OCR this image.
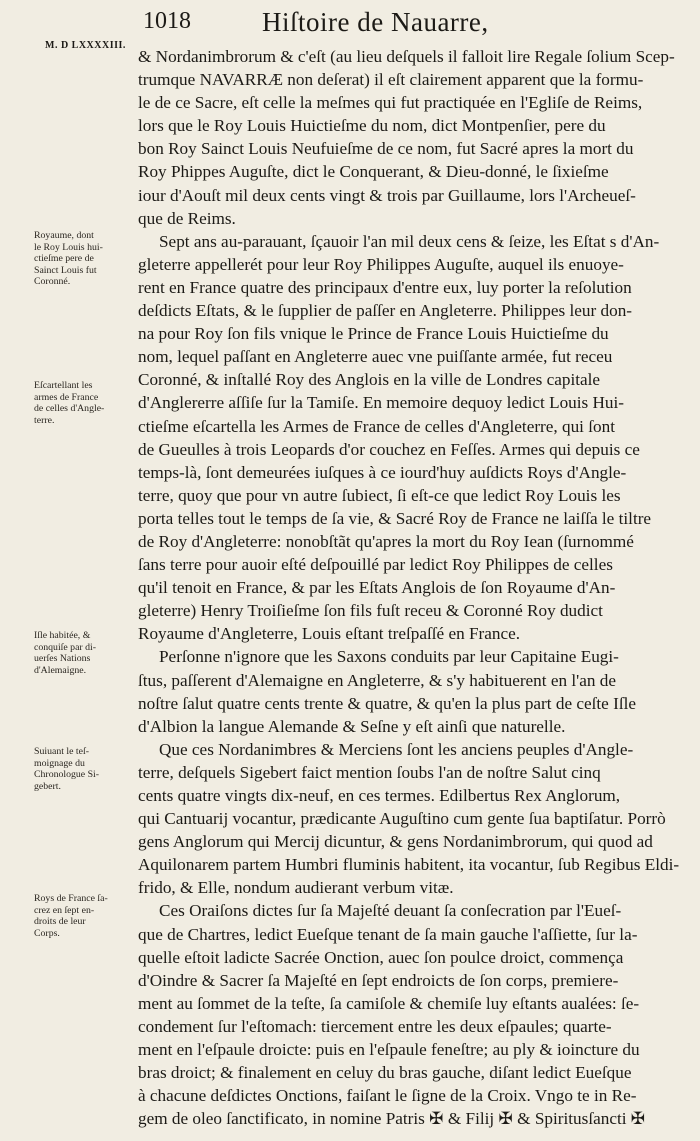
M. D LXXXXIII.
1018	Hiſtoire de Nauarre,
& Nordanimbrorum & c'eſt (au lieu deſquels il falloit lire Regale ſolium Scep-
trumque NAVARRÆ non deſerat) il eſt clairement apparent que la formu-
le de ce Sacre, eſt celle la meſmes qui fut practiquée en l'Egliſe de Reims,
lors que le Roy Louis Huictieſme du nom, dict Montpenſier, pere du
bon Roy Sainct Louis Neufuieſme de ce nom, fut Sacré apres la mort du
Roy Phippes Auguſte, dict le Conquerant, & Dieu-donné, le ſixieſme
iour d'Aouſt mil deux cents vingt & trois par Guillaume, lors l'Archeueſ-
que de Reims.
Sept ans au-parauant, ſçauoir l'an mil deux cens & ſeize, les Eſtat s d'An-
gleterre appellerét pour leur Roy Philippes Auguſte, auquel ils enuoye-
rent en France quatre des principaux d'entre eux, luy porter la reſolution
deſdicts Eſtats, & le ſupplier de paſſer en Angleterre. Philippes leur don-
na pour Roy ſon fils vnique le Prince de France Louis Huictieſme du
nom, lequel paſſant en Angleterre auec vne puiſſante armée, fut receu
Coronné, & inſtallé Roy des Anglois en la ville de Londres capitale
d'Anglererre aſſiſe ſur la Tamiſe. En memoire dequoy ledict Louis Hui-
ctieſme eſcartella les Armes de France de celles d'Angleterre, qui ſont
de Gueulles à trois Leopards d'or couchez en Feſſes. Armes qui depuis ce
temps-là, ſont demeurées iuſques à ce iourd'huy auſdicts Roys d'Angle-
terre, quoy que pour vn autre ſubiect, ſi eſt-ce que ledict Roy Louis les
porta telles tout le temps de ſa vie, & Sacré Roy de France ne laiſſa le tiltre
de Roy d'Angleterre: nonobſtãt qu'apres la mort du Roy Iean (ſurnommé
ſans terre pour auoir eſté deſpouillé par ledict Roy Philippes de celles
qu'il tenoit en France, & par les Eſtats Anglois de ſon Royaume d'An-
gleterre) Henry Troiſieſme ſon fils fuſt receu & Coronné Roy dudict
Royaume d'Angleterre, Louis eſtant treſpaſſé en France.
Perſonne n'ignore que les Saxons conduits par leur Capitaine Eugi-
ſtus, paſſerent d'Alemaigne en Angleterre, & s'y habituerent en l'an de
noſtre ſalut quatre cents trente & quatre, & qu'en la plus part de ceſte Iſle
d'Albion la langue Alemande & Seſne y eſt ainſi que naturelle.
Que ces Nordanimbres & Merciens ſont les anciens peuples d'Angle-
terre, deſquels Sigebert faict mention ſoubs l'an de noſtre Salut cinq
cents quatre vingts dix-neuf, en ces termes. Edilbertus Rex Anglorum,
qui Cantuarij vocantur, prædicante Auguſtino cum gente ſua baptiſatur. Porrò
gens Anglorum qui Mercij dicuntur, & gens Nordanimbrorum, qui quod ad
Aquilonarem partem Humbri fluminis habitent, ita vocantur, ſub Regibus Eldi-
frido, & Elle, nondum audierant verbum vitæ.
Ces Oraiſons dictes ſur ſa Majeſté deuant ſa conſecration par l'Eueſ-
que de Chartres, ledict Eueſque tenant de ſa main gauche l'aſſiette, ſur la-
quelle eſtoit ladicte Sacrée Onction, auec ſon poulce droict, commença
d'Oindre & Sacrer ſa Majeſté en ſept endroicts de ſon corps, premiere-
ment au ſommet de la teſte, ſa camiſole & chemiſe luy eſtants aualées: ſe-
condement ſur l'eſtomach: tiercement entre les deux eſpaules; quarte-
ment en l'eſpaule droicte: puis en l'eſpaule feneſtre; au ply & ioincture du
bras droict; & finalement en celuy du bras gauche, diſant ledict Eueſque
à chacune deſdictes Onctions, faiſant le ſigne de la Croix. Vngo te in Re-
gem de oleo ſanctificato, in nomine Patris ✠ & Filij ✠ & Spiritusſancti ✠
Royaume, dont
le Roy Louis hui-
ctieſme pere de
Sainct Louis fut
Coronné.
Eſcartellant les
armes de France
de celles d'Angle-
terre.
Iſle habitée, &
conquiſe par di-
uerſes Nations
d'Alemaigne.
Suiuant le teſ-
moignage du
Chronologue Si-
gebert.
Roys de France ſa-
crez en ſept en-
droits de leur
Corps.
